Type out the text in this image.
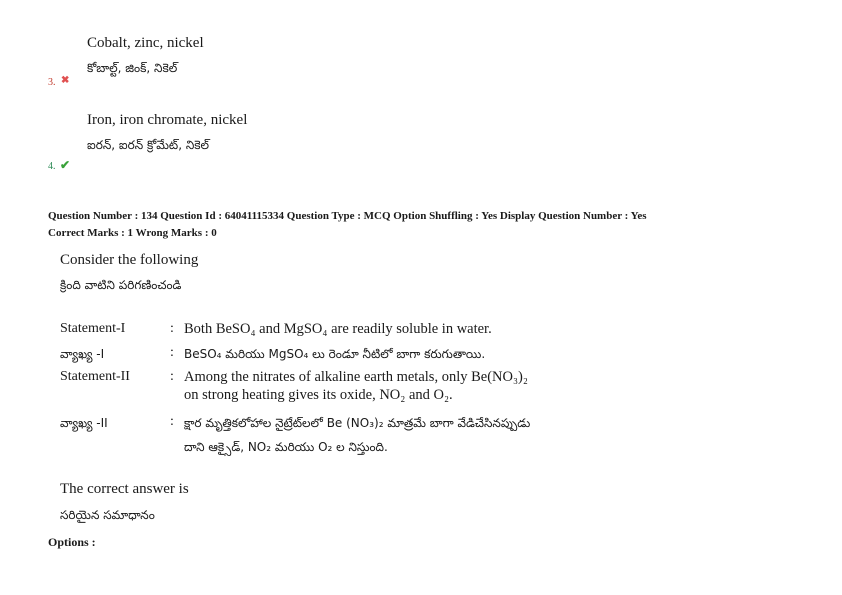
Cobalt, zinc, nickel
కోబాల్ట్, జింక్, నికెల్
3. ✖
Iron, iron chromate, nickel
ఐరన్, ఐరన్ క్రోమేట్, నికెల్
4. ✔
Question Number : 134 Question Id : 64041115334 Question Type : MCQ Option Shuffling : Yes Display Question Number : Yes
Correct Marks : 1 Wrong Marks : 0
Consider the following
క్రింది వాటిని పరిగణించండి
Statement-I	: Both BeSO₄ and MgSO₄ are readily soluble in water.
వ్యాఖ్య -I	: BeSO₄ మరియు MgSO₄ లు రెండూ నీటిలో బాగా కరుగుతాయి.
Statement-II	: Among the nitrates of alkaline earth metals, only Be(NO₃)₂
on strong heating gives its oxide, NO₂ and O₂.
వ్యాఖ్య -II	: క్షార మృత్తికలోహాల నైట్రేట్‌లలో Be (NO₃)₂ మాత్రమే బాగా వేడిచేసినప్పుడు
దాని ఆక్సైడ్, NO₂ మరియు O₂ ల నిస్తుంది.
The correct answer is
సరియైన సమాధానం
Options :
